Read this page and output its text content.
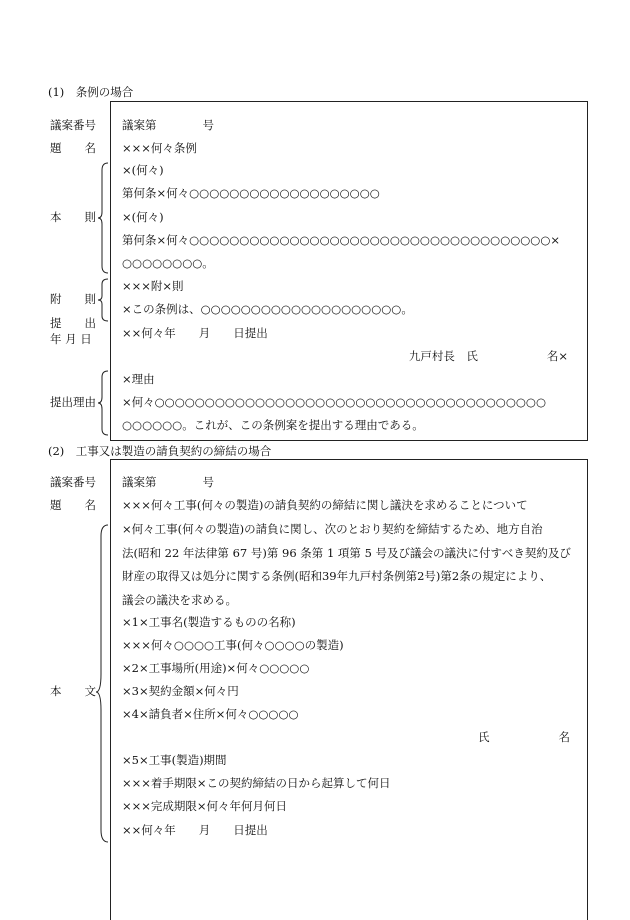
(1)　条例の場合
議案番号
題　　名
本　　則
附　　則
提　　出
年 月 日
提出理由
議案第　　　　号
×××何々条例
×(何々)
第何条×何々○○○○○○○○○○○○○○○○○○○
×(何々)
第何条×何々○○○○○○○○○○○○○○○○○○○○○○○○○○○○○○○○○○○○×
○○○○○○○○。
×××附×則
×この条例は、○○○○○○○○○○○○○○○○○○○○。
××何々年　　月　　日提出
九戸村長　氏　　　　　　名×
×理由
×何々○○○○○○○○○○○○○○○○○○○○○○○○○○○○○○○○○○○○○○○
○○○○○○。これが、この条例案を提出する理由である。
(2)　工事又は製造の請負契約の締結の場合
議案番号
題　　名
本　　文
議案第　　　　号
×××何々工事(何々の製造)の請負契約の締結に関し議決を求めることについて
×何々工事(何々の製造)の請負に関し、次のとおり契約を締結するため、地方自治
法(昭和 22 年法律第 67 号)第 96 条第 1 項第 5 号及び議会の議決に付すべき契約及び
財産の取得又は処分に関する条例(昭和39年九戸村条例第2号)第2条の規定により、
議会の議決を求める。
×1×工事名(製造するものの名称)
×××何々○○○○工事(何々○○○○の製造)
×2×工事場所(用途)×何々○○○○○
×3×契約金額×何々円
×4×請負者×住所×何々○○○○○
氏　　　　　　名
×5×工事(製造)期間
×××着手期限×この契約締結の日から起算して何日
×××完成期限×何々年何月何日
××何々年　　月　　日提出
